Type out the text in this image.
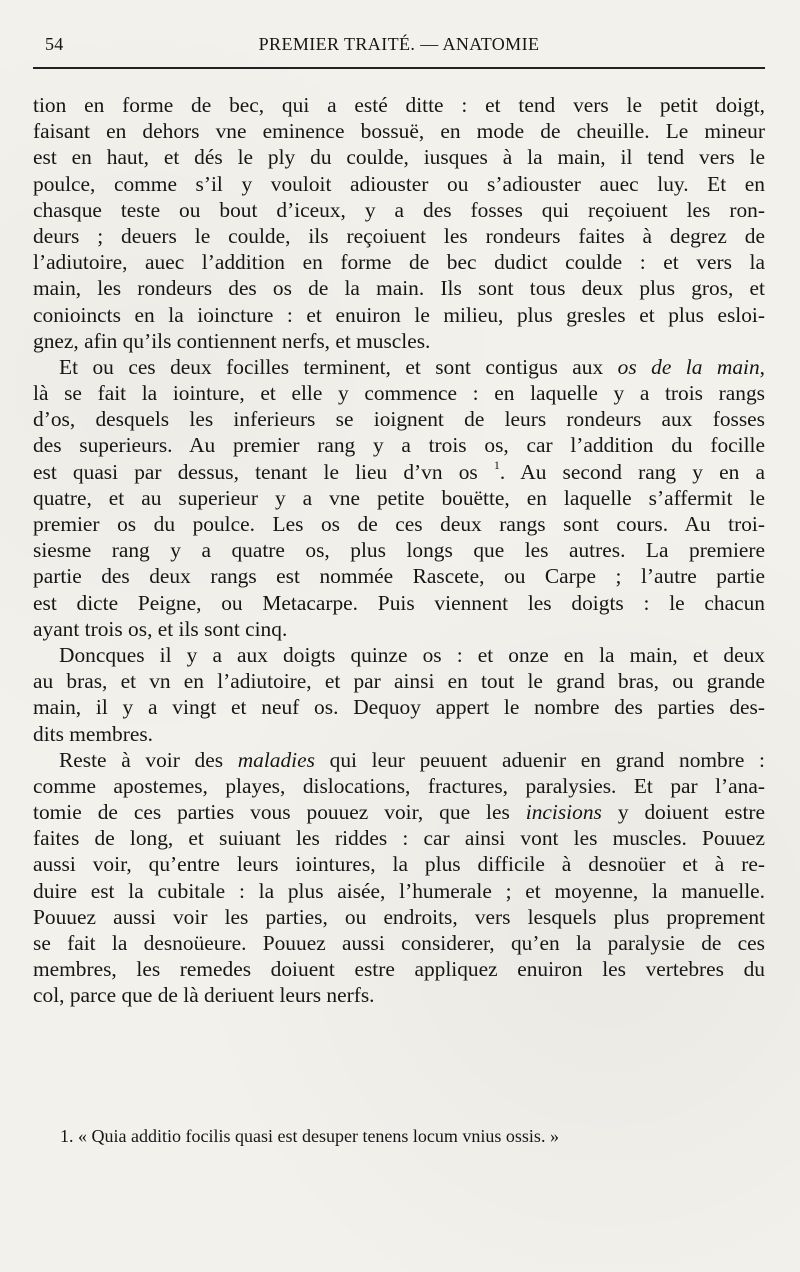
54	PREMIER TRAITÉ. — ANATOMIE
tion en forme de bec, qui a esté ditte : et tend vers le petit doigt,
faisant en dehors vne eminence bossuë, en mode de cheuille. Le mineur
est en haut, et dés le ply du coulde, iusques à la main, il tend vers le
poulce, comme s’il y vouloit adiouster ou s’adiouster auec luy. Et en
chasque teste ou bout d’iceux, y a des fosses qui reçoiuent les ron-
deurs ; deuers le coulde, ils reçoiuent les rondeurs faites à degrez de
l’adiutoire, auec l’addition en forme de bec dudict coulde : et vers la
main, les rondeurs des os de la main. Ils sont tous deux plus gros, et
conioincts en la ioincture : et enuiron le milieu, plus gresles et plus esloi-
gnez, afin qu’ils contiennent nerfs, et muscles.
Et ou ces deux focilles terminent, et sont contigus aux os de la main,
là se fait la iointure, et elle y commence : en laquelle y a trois rangs
d’os, desquels les inferieurs se ioignent de leurs rondeurs aux fosses
des superieurs. Au premier rang y a trois os, car l’addition du focille
est quasi par dessus, tenant le lieu d’vn os $^1$. Au second rang y en a
quatre, et au superieur y a vne petite bouëtte, en laquelle s’affermit le
premier os du poulce. Les os de ces deux rangs sont cours. Au troi-
siesme rang y a quatre os, plus longs que les autres. La premiere
partie des deux rangs est nommée Rascete, ou Carpe ; l’autre partie
est dicte Peigne, ou Metacarpe. Puis viennent les doigts : le chacun
ayant trois os, et ils sont cinq.
Doncques il y a aux doigts quinze os : et onze en la main, et deux
au bras, et vn en l’adiutoire, et par ainsi en tout le grand bras, ou grande
main, il y a vingt et neuf os. Dequoy appert le nombre des parties des-
dits membres.
Reste à voir des maladies qui leur peuuent aduenir en grand nombre :
comme apostemes, playes, dislocations, fractures, paralysies. Et par l’ana-
tomie de ces parties vous pouuez voir, que les incisions y doiuent estre
faites de long, et suiuant les riddes : car ainsi vont les muscles. Pouuez
aussi voir, qu’entre leurs iointures, la plus difficile à desnoüer et à re-
duire est la cubitale : la plus aisée, l’humerale ; et moyenne, la manuelle.
Pouuez aussi voir les parties, ou endroits, vers lesquels plus proprement
se fait la desnoüeure. Pouuez aussi considerer, qu’en la paralysie de ces
membres, les remedes doiuent estre appliquez enuiron les vertebres du
col, parce que de là deriuent leurs nerfs.
1. « Quia additio focilis quasi est desuper tenens locum vnius ossis. »
